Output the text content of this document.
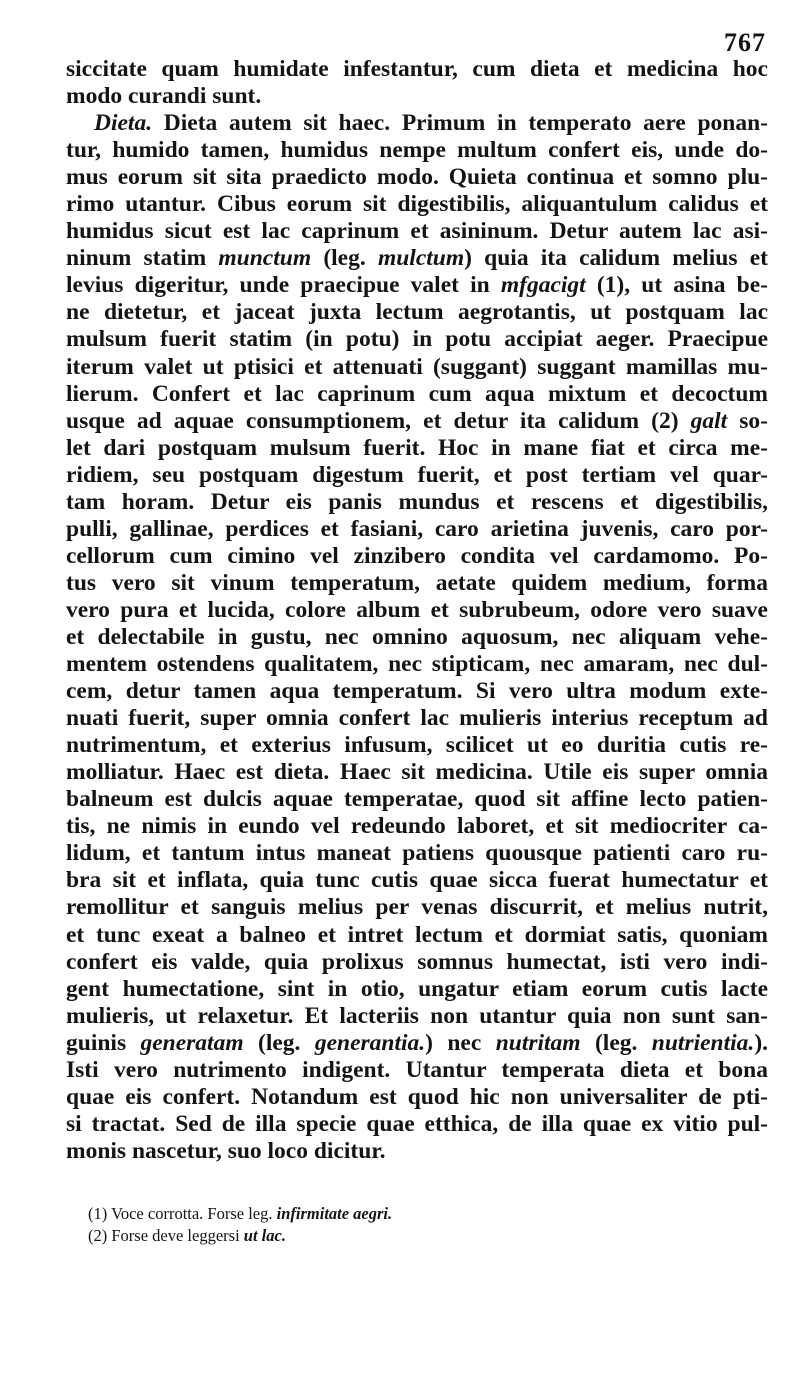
767
siccitate quam humidate infestantur, cum dieta et medicina hoc
modo curandi sunt.
Dieta. Dieta autem sit haec. Primum in temperato aere ponan-
tur, humido tamen, humidus nempe multum confert eis, unde do-
mus eorum sit sita praedicto modo. Quieta continua et somno plu-
rimo utantur. Cibus eorum sit digestibilis, aliquantulum calidus et
humidus sicut est lac caprinum et asininum. Detur autem lac asi-
ninum statim munctum (leg. mulctum) quia ita calidum melius et
levius digeritur, unde praecipue valet in mfgacigt (1), ut asina be-
ne dietetur, et jaceat juxta lectum aegrotantis, ut postquam lac
mulsum fuerit statim (in potu) in potu accipiat aeger. Praecipue
iterum valet ut ptisici et attenuati (suggant) suggant mamillas mu-
lierum. Confert et lac caprinum cum aqua mixtum et decoctum
usque ad aquae consumptionem, et detur ita calidum (2) galt so-
let dari postquam mulsum fuerit. Hoc in mane fiat et circa me-
ridiem, seu postquam digestum fuerit, et post tertiam vel quar-
tam horam. Detur eis panis mundus et rescens et digestibilis,
pulli, gallinae, perdices et fasiani, caro arietina juvenis, caro por-
cellorum cum cimino vel zinzibero condita vel cardamomo. Po-
tus vero sit vinum temperatum, aetate quidem medium, forma
vero pura et lucida, colore album et subrubeum, odore vero suave
et delectabile in gustu, nec omnino aquosum, nec aliquam vehe-
mentem ostendens qualitatem, nec stipticam, nec amaram, nec dul-
cem, detur tamen aqua temperatum. Si vero ultra modum exte-
nuati fuerit, super omnia confert lac mulieris interius receptum ad
nutrimentum, et exterius infusum, scilicet ut eo duritia cutis re-
molliatur. Haec est dieta. Haec sit medicina. Utile eis super omnia
balneum est dulcis aquae temperatae, quod sit affine lecto patien-
tis, ne nimis in eundo vel redeundo laboret, et sit mediocriter ca-
lidum, et tantum intus maneat patiens quousque patienti caro ru-
bra sit et inflata, quia tunc cutis quae sicca fuerat humectatur et
remollitur et sanguis melius per venas discurrit, et melius nutrit,
et tunc exeat a balneo et intret lectum et dormiat satis, quoniam
confert eis valde, quia prolixus somnus humectat, isti vero indi-
gent humectatione, sint in otio, ungatur etiam eorum cutis lacte
mulieris, ut relaxetur. Et lacteriis non utantur quia non sunt san-
guinis generatam (leg. generantia.) nec nutritam (leg. nutrientia.).
Isti vero nutrimento indigent. Utantur temperata dieta et bona
quae eis confert. Notandum est quod hic non universaliter de pti-
si tractat. Sed de illa specie quae etthica, de illa quae ex vitio pul-
monis nascetur, suo loco dicitur.
(1) Voce corrotta. Forse leg. infirmitate aegri.
(2) Forse deve leggersi ut lac.
